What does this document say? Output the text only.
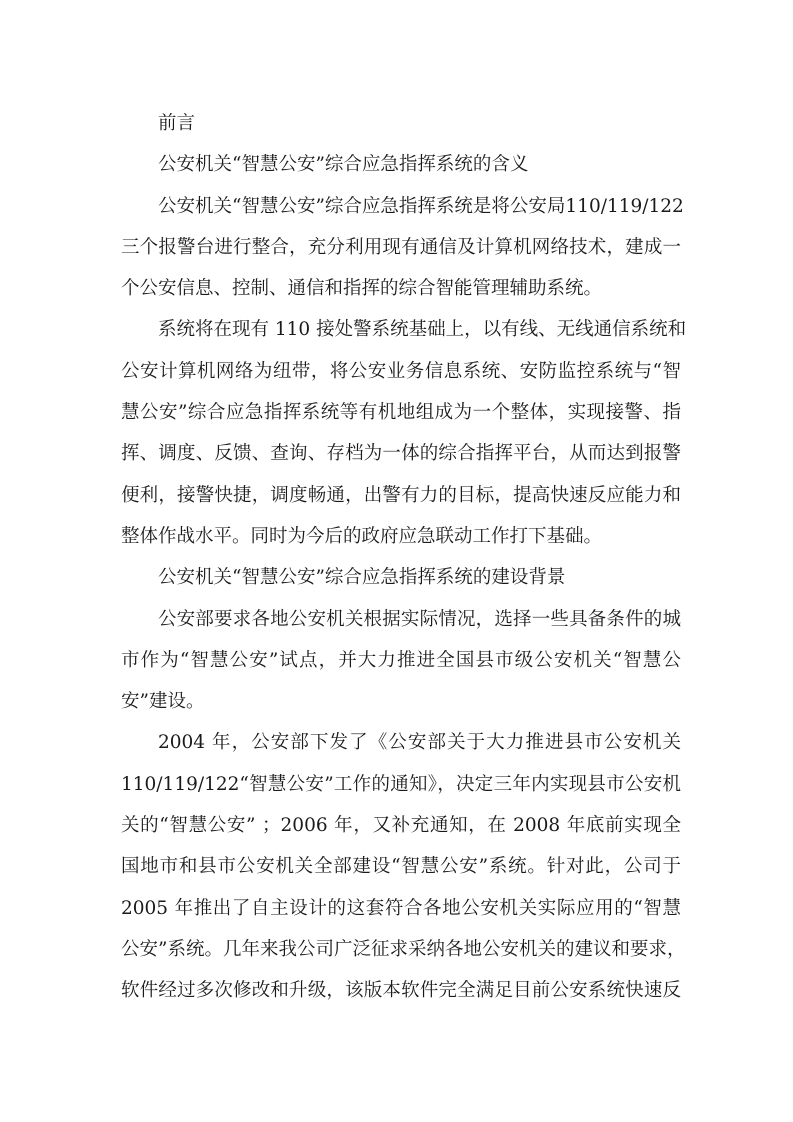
前言
公安机关“智慧公安”综合应急指挥系统的含义
公安机关“智慧公安”综合应急指挥系统是将公安局110/119/122
三个报警台进行整合，充分利用现有通信及计算机网络技术，建成一
个公安信息、控制、通信和指挥的综合智能管理辅助系统。
系统将在现有 110 接处警系统基础上，以有线、无线通信系统和
公安计算机网络为纽带，将公安业务信息系统、安防监控系统与“智
慧公安”综合应急指挥系统等有机地组成为一个整体，实现接警、指
挥、调度、反馈、查询、存档为一体的综合指挥平台，从而达到报警
便利，接警快捷，调度畅通，出警有力的目标，提高快速反应能力和
整体作战水平。同时为今后的政府应急联动工作打下基础。
公安机关“智慧公安”综合应急指挥系统的建设背景
公安部要求各地公安机关根据实际情况，选择一些具备条件的城
市作为“智慧公安”试点，并大力推进全国县市级公安机关“智慧公
安”建设。
2004 年，公安部下发了《公安部关于大力推进县市公安机关
110/119/122“智慧公安”工作的通知》，决定三年内实现县市公安机
关的“智慧公安” ；2006 年，又补充通知，在 2008 年底前实现全
国地市和县市公安机关全部建设“智慧公安”系统。针对此，公司于
2005 年推出了自主设计的这套符合各地公安机关实际应用的“智慧
公安”系统。几年来我公司广泛征求采纳各地公安机关的建议和要求，
软件经过多次修改和升级，该版本软件完全满足目前公安系统快速反
